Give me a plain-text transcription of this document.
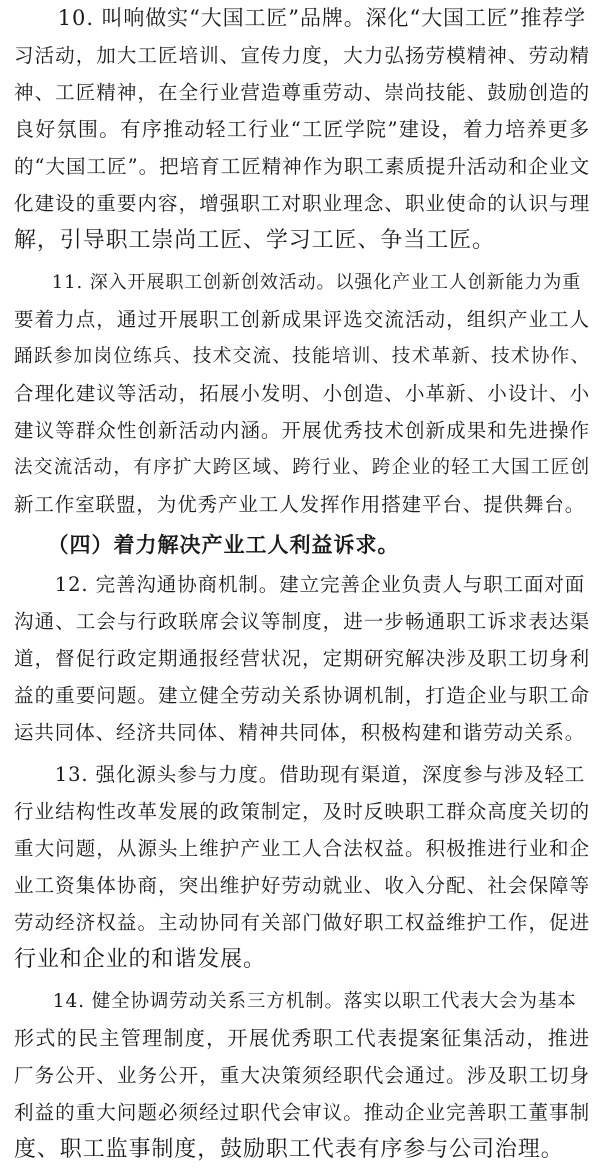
　　10. 叫响做实“大国工匠”品牌。深化“大国工匠”推荐学
习活动，加大工匠培训、宣传力度，大力弘扬劳模精神、劳动精
神、工匠精神，在全行业营造尊重劳动、崇尚技能、鼓励创造的
良好氛围。有序推动轻工行业“工匠学院”建设，着力培养更多
的“大国工匠”。把培育工匠精神作为职工素质提升活动和企业文
化建设的重要内容，增强职工对职业理念、职业使命的认识与理
解，引导职工崇尚工匠、学习工匠、争当工匠。
　　11. 深入开展职工创新创效活动。以强化产业工人创新能力为重
要着力点，通过开展职工创新成果评选交流活动，组织产业工人
踊跃参加岗位练兵、技术交流、技能培训、技术革新、技术协作、
合理化建议等活动，拓展小发明、小创造、小革新、小设计、小
建议等群众性创新活动内涵。开展优秀技术创新成果和先进操作
法交流活动，有序扩大跨区域、跨行业、跨企业的轻工大国工匠创
新工作室联盟，为优秀产业工人发挥作用搭建平台、提供舞台。
　　（四）着力解决产业工人利益诉求。
　　12. 完善沟通协商机制。建立完善企业负责人与职工面对面
沟通、工会与行政联席会议等制度，进一步畅通职工诉求表达渠
道，督促行政定期通报经营状况，定期研究解决涉及职工切身利
益的重要问题。建立健全劳动关系协调机制，打造企业与职工命
运共同体、经济共同体、精神共同体，积极构建和谐劳动关系。
　　13. 强化源头参与力度。借助现有渠道，深度参与涉及轻工
行业结构性改革发展的政策制定，及时反映职工群众高度关切的
重大问题，从源头上维护产业工人合法权益。积极推进行业和企
业工资集体协商，突出维护好劳动就业、收入分配、社会保障等
劳动经济权益。主动协同有关部门做好职工权益维护工作，促进
行业和企业的和谐发展。
　　14. 健全协调劳动关系三方机制。落实以职工代表大会为基本
形式的民主管理制度，开展优秀职工代表提案征集活动，推进
厂务公开、业务公开，重大决策须经职代会通过。涉及职工切身
利益的重大问题必须经过职代会审议。推动企业完善职工董事制
度、职工监事制度，鼓励职工代表有序参与公司治理。
